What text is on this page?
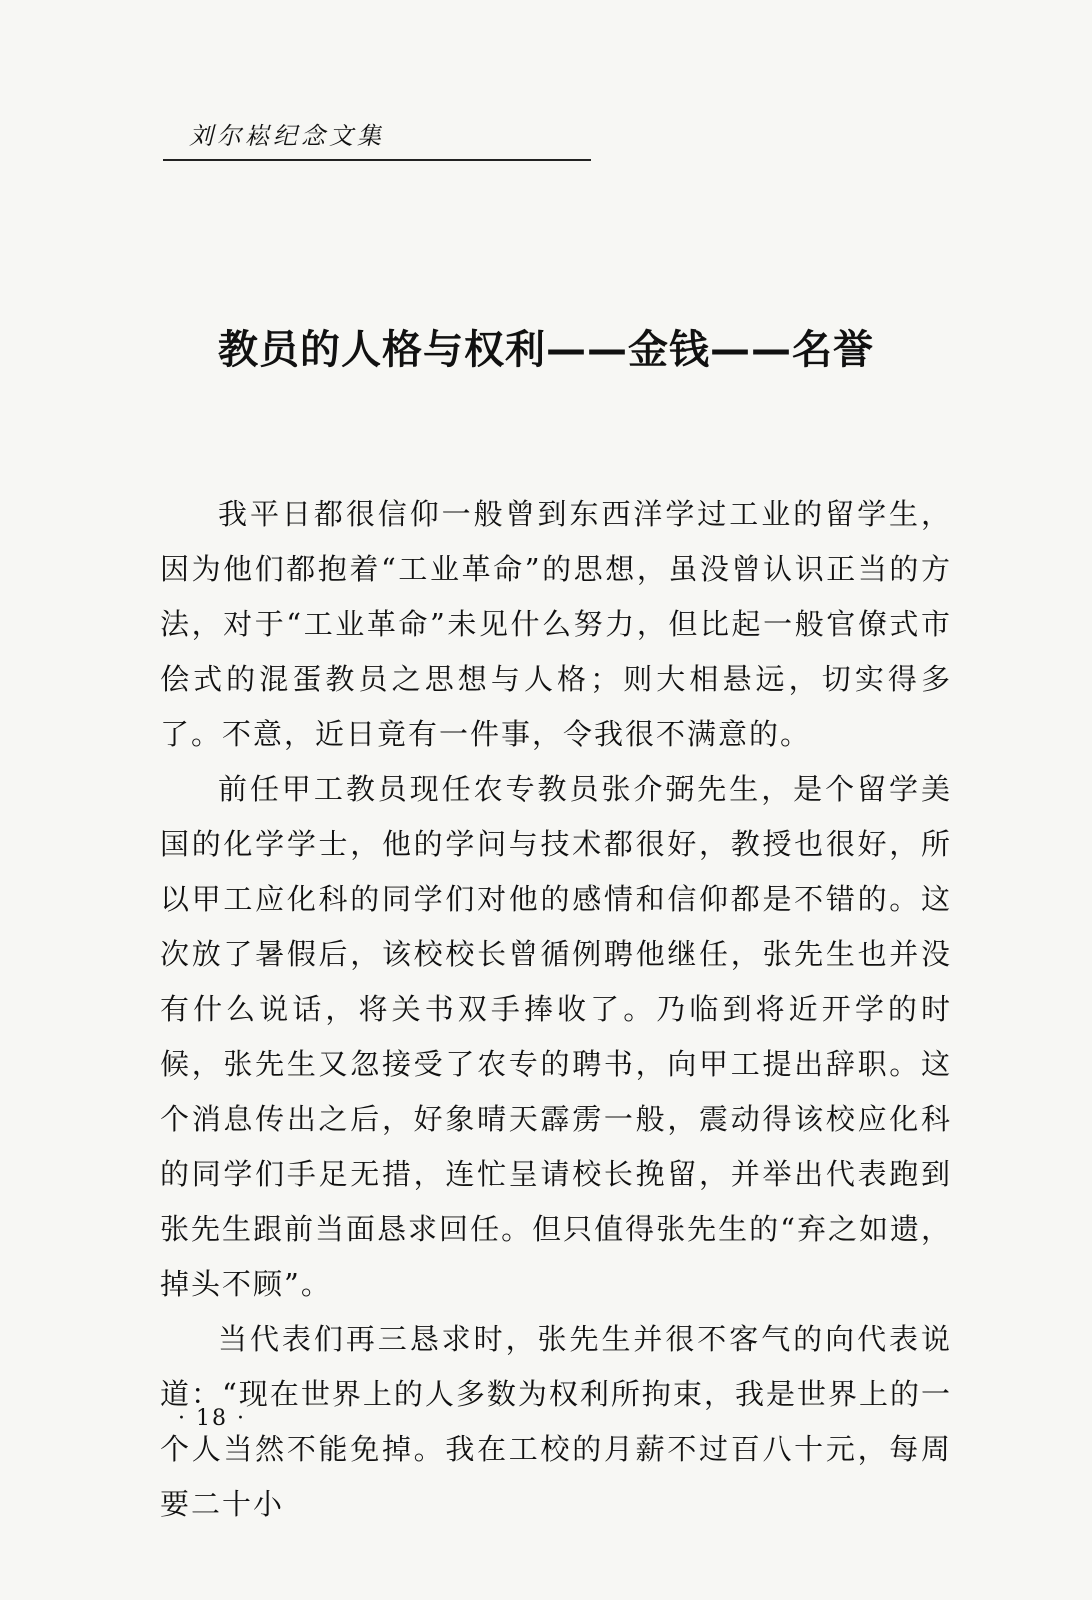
刘尔崧纪念文集
教员的人格与权利——金钱——名誉

我平日都很信仰一般曾到东西洋学过工业的留学生，因为他们都抱着“工业革命”的思想，虽没曾认识正当的方法，对于“工业革命”未见什么努力，但比起一般官僚式市侩式的混蛋教员之思想与人格；则大相悬远，切实得多了。不意，近日竟有一件事，令我很不满意的。

前任甲工教员现任农专教员张介弼先生，是个留学美国的化学学士，他的学问与技术都很好，教授也很好，所以甲工应化科的同学们对他的感情和信仰都是不错的。这次放了暑假后，该校校长曾循例聘他继任，张先生也并没有什么说话，将关书双手捧收了。乃临到将近开学的时候，张先生又忽接受了农专的聘书，向甲工提出辞职。这个消息传出之后，好象晴天霹雳一般，震动得该校应化科的同学们手足无措，连忙呈请校长挽留，并举出代表跑到张先生跟前当面恳求回任。但只值得张先生的“弃之如遗，掉头不顾”。

当代表们再三恳求时，张先生并很不客气的向代表说道：“现在世界上的人多数为权利所拘束，我是世界上的一个人当然不能免掉。我在工校的月薪不过百八十元，每周要二十小

· 18 ·
